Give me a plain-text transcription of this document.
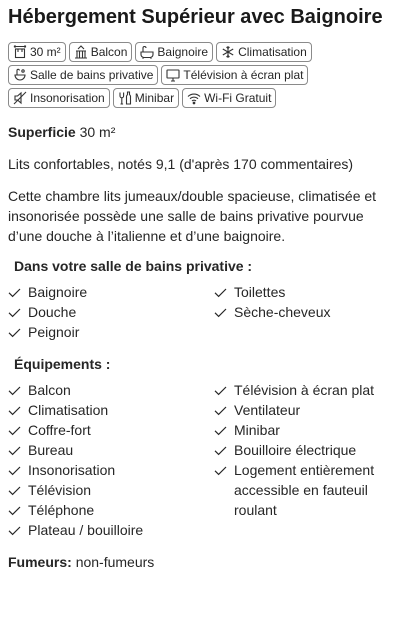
Hébergement Supérieur avec Baignoire
30 m²	Balcon	Baignoire	Climatisation
Salle de bains privative	Télévision à écran plat
Insonorisation	Minibar	Wi-Fi Gratuit

Superficie 30 m²

Lits confortables, notés 9,1 (d'après 170 commentaires)

Cette chambre lits jumeaux/double spacieuse, climatisée et insonorisée possède une salle de bains privative pourvue d’une douche à l’italienne et d’une baignoire.

Dans votre salle de bains privative :
Baignoire
Douche
Peignoir
Toilettes
Sèche-cheveux
Équipements :
Balcon
Climatisation
Coffre-fort
Bureau
Insonorisation
Télévision
Téléphone
Plateau / bouilloire
Télévision à écran plat
Ventilateur
Minibar
Bouilloire électrique
Logement entièrement accessible en fauteuil roulant

Fumeurs: non-fumeurs
